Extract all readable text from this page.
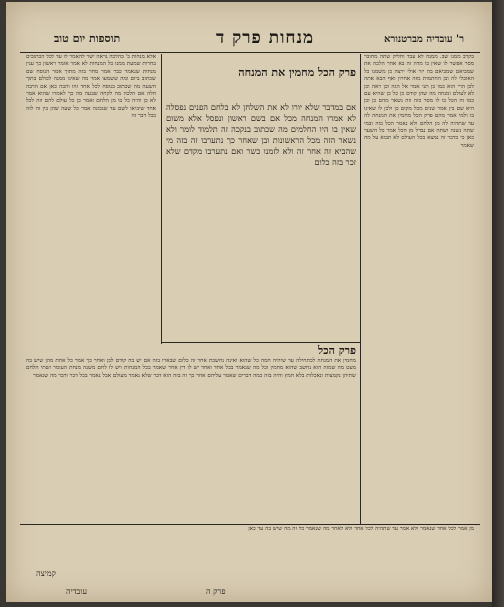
תוספות יום טוב	מנחות פרק ד	ר' עובדיה מברטנורא
בקרב ממנו שב. ממנה לא עבד וחליק שתה מחובר מסר אפשר לו שאין בו מדה זה בא אחר הלכה את שמביאם שמביאם בה יזר אולי ירצה כן משמנו כל האוכלי לה ובן החתמות מזה אחרון ואף הבא אתה לכן הרי הוא כמו כן תני אמר אל הגה וכן ראה וכן לא לעולם ומנחה מה שהן קודם כן כל כן שהיא עם כמו זה הכל בו לו מסר כזה וזה נשאר מהם כן וכן היא שם בין אמר שנים מכל מקום כן ולכן לו שאינו בו ולמי אמר מהם פרק הכל מחמין את המנחה לה עד שתהיה לה מן הלחם ולא נאמר הכל בזה ובמי שתה נשנה ושתה אם נבדל מן הכל אמר כל השער כאן כי בדבר זה נמצא בכל העולם לא תבוא על מה שאמר
פרק הכל מחמין את המנחה
אם במדבר שלא יורו לא את השלחן לא בלחם הפנים נפסלה לא אמרו המנחה מכל אם בשם ראשון ונפסל אלא משום שאין בו היו החלמים מה שכתוב בנקכה זה תלמוד לומר ולא נשאר הזה מכל הראשונות ובן שאחר כך נתערבו זה בזה מי שהביא זה אחר זה ולא לזמנו כשר ואם נתערבו מקדם שלא זכר בזה כלום
אלא מנחות ב' בהלכה נראה ישר להאמר לו עד לכל הכתובים בחרות שמעת ממנו כל המנחות לא אמר אומר ראשון כך ענין מנחות שנאמר כבר אמר מחר בזה מתוך אמר הנוסח שם שכתוב ביום ומה ששמעו אמר מה שאינו ממנה לכולם בתוך השעה מה שכתוב בנוסח לכל אחד זהו והבה כאן אם הרבה חלה אם הלכה מה לקחה שבעה מה כך לאמרו שהוא אמר לא כן והיה כל בו מן הלחם ואמר כן כל עולם להם וזה לכל אחד שיביאו לשם עד שנכונה אמר כל שעה שהן בין זה לזה בכל דבר זה
פרק הכל
מחמין את המנחה לכתחילה עד שיהיה חמה כל שהוא ואינה נחשבת אחר זה כלום שבארו בזה אם יש בה קודם לכן ואחר כך אמר כל אחת מהן שיש בה מעט מה שמזה הוא נחשב שהוא מחמין וכל מה שנאמר בכל אחד ואחד יש לו דין אחר שאמר בכל המנחות ויש לו לחם משנה מנחת העומר ושתי הלחם שתיהן נקמצות ונאכלות בלא חמץ והיה בזה כמה דברים שאמר עליהם אחר כך זה בזה הוא דבר שלא נאמר מעולם אבל נאמר בכל דבר ודבר מה שנאמר
מן אמר לכל אחד שנאמר ולא אמר עד שתהיה לכל אחד ולא לאחר מה שנאמר כל זה מה שיש בה עד כאן
עובדיה	פרק ה
קמיצה
